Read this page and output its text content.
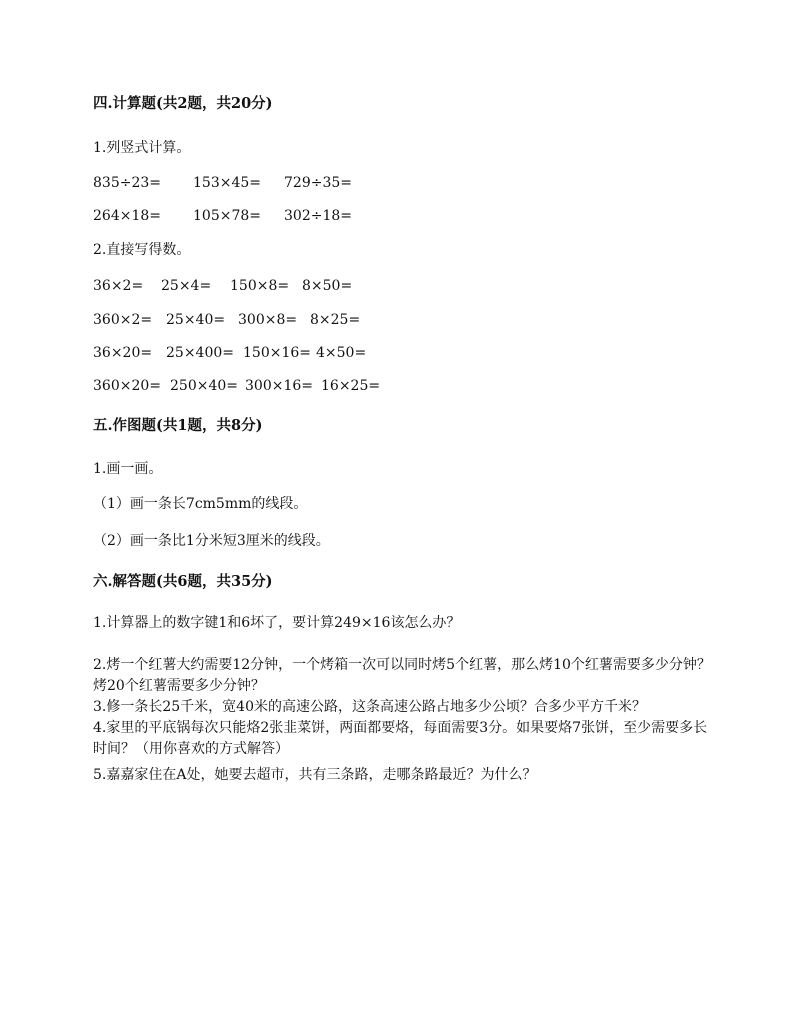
四.计算题(共2题，共20分)
1.列竖式计算。
835÷23= 153×45= 729÷35=
264×18= 105×78= 302÷18=
2.直接写得数。
36×2= 25×4= 150×8= 8×50=
360×2= 25×40= 300×8= 8×25=
36×20= 25×400= 150×16= 4×50=
360×20= 250×40= 300×16= 16×25=
五.作图题(共1题，共8分)
1.画一画。
（1）画一条长7cm5mm的线段。
（2）画一条比1分米短3厘米的线段。
六.解答题(共6题，共35分)
1.计算器上的数字键1和6坏了，要计算249×16该怎么办？
2.烤一个红薯大约需要12分钟，一个烤箱一次可以同时烤5个红薯，那么烤10个红薯需要多少分钟？烤20个红薯需要多少分钟？
3.修一条长25千米，宽40米的高速公路，这条高速公路占地多少公顷？合多少平方千米？
4.家里的平底锅每次只能烙2张韭菜饼，两面都要烙，每面需要3分。如果要烙7张饼，至少需要多长时间？（用你喜欢的方式解答）
5.嘉嘉家住在A处，她要去超市，共有三条路，走哪条路最近？为什么？
